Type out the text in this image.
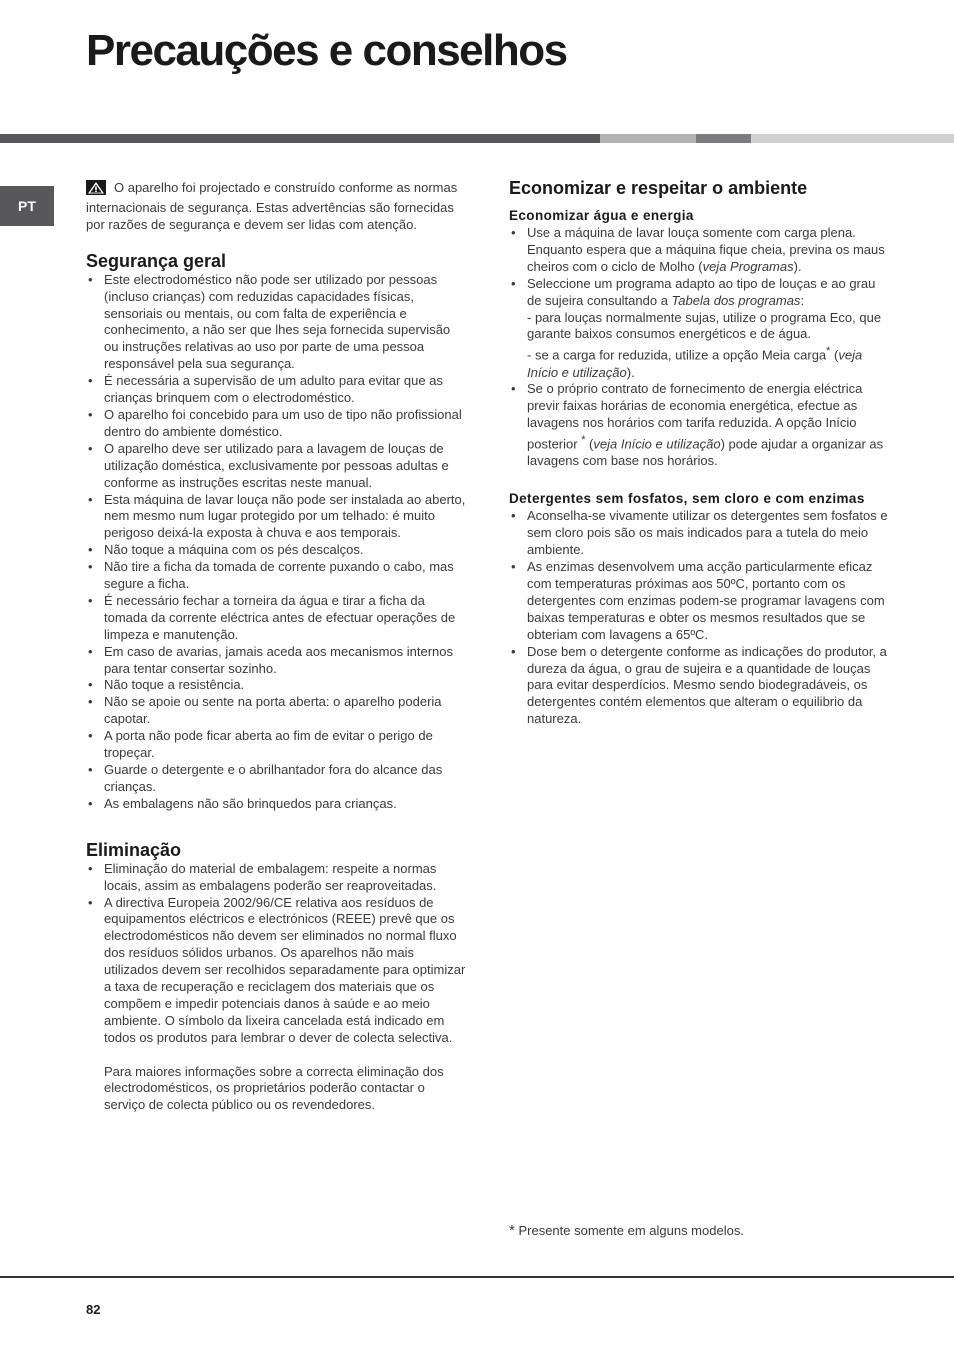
Precauções e conselhos
PT

O aparelho foi projectado e construído conforme as normas internacionais de segurança. Estas advertências são fornecidas por razões de segurança e devem ser lidas com atenção.

Segurança geral
• Este electrodoméstico não pode ser utilizado por pessoas (incluso crianças) com reduzidas capacidades físicas, sensoriais ou mentais, ou com falta de experiência e conhecimento, a não ser que lhes seja fornecida supervisão ou instruções relativas ao uso por parte de uma pessoa responsável pela sua segurança.
• É necessária a supervisão de um adulto para evitar que as crianças brinquem com o electrodoméstico.
• O aparelho foi concebido para um uso de tipo não profissional dentro do ambiente doméstico.
• O aparelho deve ser utilizado para a lavagem de louças de utilização doméstica, exclusivamente por pessoas adultas e conforme as instruções escritas neste manual.
• Esta máquina de lavar louça não pode ser instalada ao aberto, nem mesmo num lugar protegido por um telhado: é muito perigoso deixá-la exposta à chuva e aos temporais.
• Não toque a máquina com os pés descalços.
• Não tire a ficha da tomada de corrente puxando o cabo, mas segure a ficha.
• É necessário fechar a torneira da água e tirar a ficha da tomada da corrente eléctrica antes de efectuar operações de limpeza e manutenção.
• Em caso de avarias, jamais aceda aos mecanismos internos para tentar consertar sozinho.
• Não toque a resistência.
• Não se apoie ou sente na porta aberta: o aparelho poderia capotar.
• A porta não pode ficar aberta ao fim de evitar o perigo de tropeçar.
• Guarde o detergente e o abrilhantador fora do alcance das crianças.
• As embalagens não são brinquedos para crianças.
Eliminação
• Eliminação do material de embalagem: respeite a normas locais, assim as embalagens poderão ser reaproveitadas.
• A directiva Europeia 2002/96/CE relativa aos resíduos de equipamentos eléctricos e electrónicos (REEE) prevê que os electrodomésticos não devem ser eliminados no normal fluxo dos resíduos sólidos urbanos. Os aparelhos não mais utilizados devem ser recolhidos separadamente para optimizar a taxa de recuperação e reciclagem dos materiais que os compõem e impedir potenciais danos à saúde e ao meio ambiente. O símbolo da lixeira cancelada está indicado em todos os produtos para lembrar o dever de colecta selectiva.
Para maiores informações sobre a correcta eliminação dos electrodomésticos, os proprietários poderão contactar o serviço de colecta público ou os revendedores.
Economizar e respeitar o ambiente
Economizar água e energia
• Use a máquina de lavar louça somente com carga plena. Enquanto espera que a máquina fique cheia, previna os maus cheiros com o ciclo de Molho (veja Programas).
• Seleccione um programa adapto ao tipo de louças e ao grau de sujeira consultando a Tabela dos programas:
- para louças normalmente sujas, utilize o programa Eco, que garante baixos consumos energéticos e de água.
- se a carga for reduzida, utilize a opção Meia carga* (veja Início e utilização).
• Se o próprio contrato de fornecimento de energia eléctrica previr faixas horárias de economia energética, efectue as lavagens nos horários com tarifa reduzida. A opção Início posterior * (veja Início e utilização) pode ajudar a organizar as lavagens com base nos horários.
Detergentes sem fosfatos, sem cloro e com enzimas
• Aconselha-se vivamente utilizar os detergentes sem fosfatos e sem cloro pois são os mais indicados para a tutela do meio ambiente.
• As enzimas desenvolvem uma acção particularmente eficaz com temperaturas próximas aos 50ºC, portanto com os detergentes com enzimas podem-se programar lavagens com baixas temperaturas e obter os mesmos resultados que se obteriam com lavagens a 65ºC.
• Dose bem o detergente conforme as indicações do produtor, a dureza da água, o grau de sujeira e a quantidade de louças para evitar desperdícios. Mesmo sendo biodegradáveis, os detergentes contém elementos que alteram o equilibrio da natureza.
* Presente somente em alguns modelos.
82
